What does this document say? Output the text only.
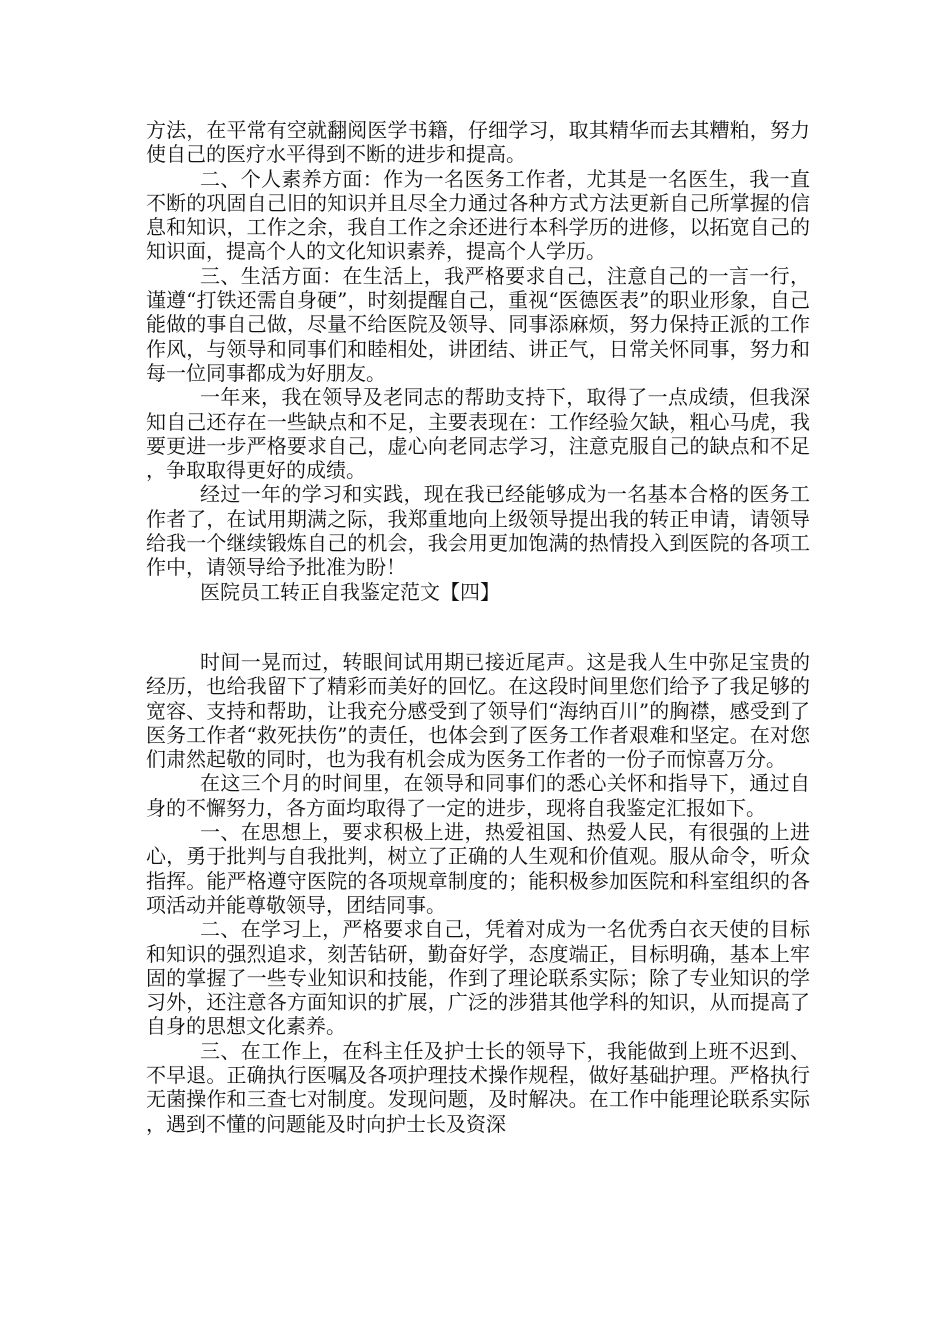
方法，在平常有空就翻阅医学书籍，仔细学习，取其精华而去其糟粕，努力使自己的医疗水平得到不断的进步和提高。

二、个人素养方面：作为一名医务工作者，尤其是一名医生，我一直不断的巩固自己旧的知识并且尽全力通过各种方式方法更新自己所掌握的信息和知识，工作之余，我自工作之余还进行本科学历的进修，以拓宽自己的知识面，提高个人的文化知识素养，提高个人学历。

三、生活方面：在生活上，我严格要求自己，注意自己的一言一行，谨遵“打铁还需自身硬”，时刻提醒自己，重视“医德医表”的职业形象，自己能做的事自己做，尽量不给医院及领导、同事添麻烦，努力保持正派的工作作风，与领导和同事们和睦相处，讲团结、讲正气，日常关怀同事，努力和每一位同事都成为好朋友。

一年来，我在领导及老同志的帮助支持下，取得了一点成绩，但我深知自己还存在一些缺点和不足，主要表现在：工作经验欠缺，粗心马虎，我要更进一步严格要求自己，虚心向老同志学习，注意克服自己的缺点和不足，争取取得更好的成绩。

经过一年的学习和实践，现在我已经能够成为一名基本合格的医务工作者了，在试用期满之际，我郑重地向上级领导提出我的转正申请，请领导给我一个继续锻炼自己的机会，我会用更加饱满的热情投入到医院的各项工作中，请领导给予批准为盼！

医院员工转正自我鉴定范文【四】

时间一晃而过，转眼间试用期已接近尾声。这是我人生中弥足宝贵的经历，也给我留下了精彩而美好的回忆。在这段时间里您们给予了我足够的宽容、支持和帮助，让我充分感受到了领导们“海纳百川”的胸襟，感受到了医务工作者“救死扶伤”的责任，也体会到了医务工作者艰难和坚定。在对您们肃然起敬的同时，也为我有机会成为医务工作者的一份子而惊喜万分。

在这三个月的时间里，在领导和同事们的悉心关怀和指导下，通过自身的不懈努力，各方面均取得了一定的进步，现将自我鉴定汇报如下。

一、在思想上，要求积极上进，热爱祖国、热爱人民，有很强的上进心，勇于批判与自我批判，树立了正确的人生观和价值观。服从命令，听众指挥。能严格遵守医院的各项规章制度的；能积极参加医院和科室组织的各项活动并能尊敬领导，团结同事。

二、在学习上，严格要求自己，凭着对成为一名优秀白衣天使的目标和知识的强烈追求，刻苦钻研，勤奋好学，态度端正，目标明确，基本上牢固的掌握了一些专业知识和技能，作到了理论联系实际；除了专业知识的学习外，还注意各方面知识的扩展，广泛的涉猎其他学科的知识，从而提高了自身的思想文化素养。

三、在工作上，在科主任及护士长的领导下，我能做到上班不迟到、不早退。正确执行医嘱及各项护理技术操作规程，做好基础护理。严格执行无菌操作和三查七对制度。发现问题，及时解决。在工作中能理论联系实际，遇到不懂的问题能及时向护士长及资深
